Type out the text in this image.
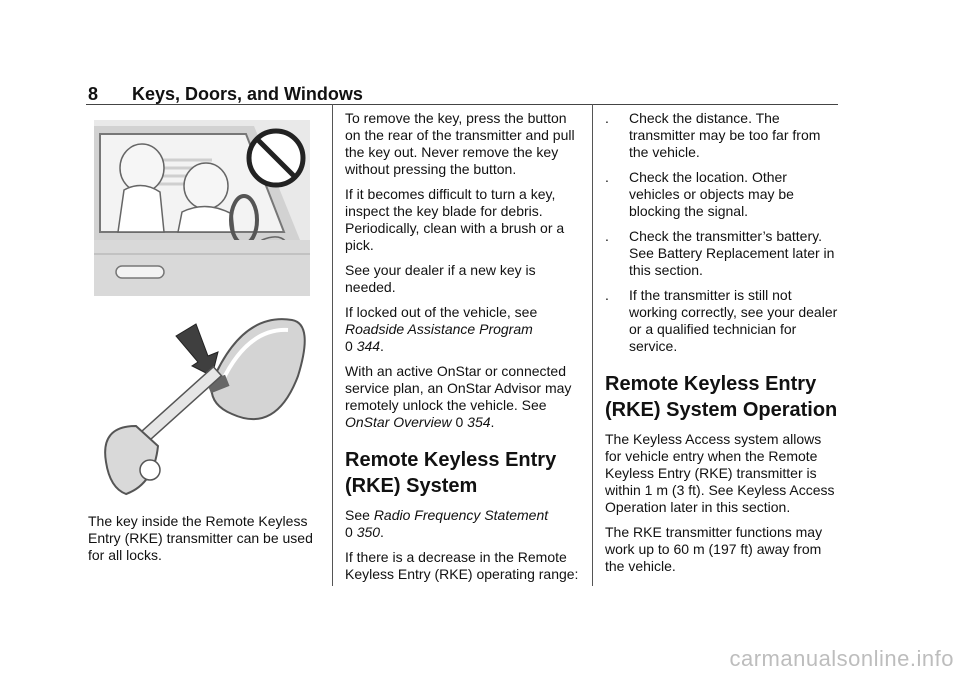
8 Keys, Doors, and Windows

The key inside the Remote Keyless Entry (RKE) transmitter can be used for all locks.

To remove the key, press the button on the rear of the transmitter and pull the key out. Never remove the key without pressing the button.

If it becomes difficult to turn a key, inspect the key blade for debris. Periodically, clean with a brush or a pick.

See your dealer if a new key is needed.

If locked out of the vehicle, see
Roadside Assistance Program
0 344.

With an active OnStar or connected service plan, an OnStar Advisor may remotely unlock the vehicle. See OnStar Overview 0 354.

Remote Keyless Entry (RKE) System

See Radio Frequency Statement
0 350.

If there is a decrease in the Remote Keyless Entry (RKE) operating range:

.	Check the distance. The transmitter may be too far from the vehicle.
.	Check the location. Other vehicles or objects may be blocking the signal.
.	Check the transmitter’s battery. See Battery Replacement later in this section.
.	If the transmitter is still not working correctly, see your dealer or a qualified technician for service.
Remote Keyless Entry (RKE) System Operation

The Keyless Access system allows for vehicle entry when the Remote Keyless Entry (RKE) transmitter is within 1 m (3 ft). See Keyless Access Operation later in this section.

The RKE transmitter functions may work up to 60 m (197 ft) away from the vehicle.

carmanualsonline.info
